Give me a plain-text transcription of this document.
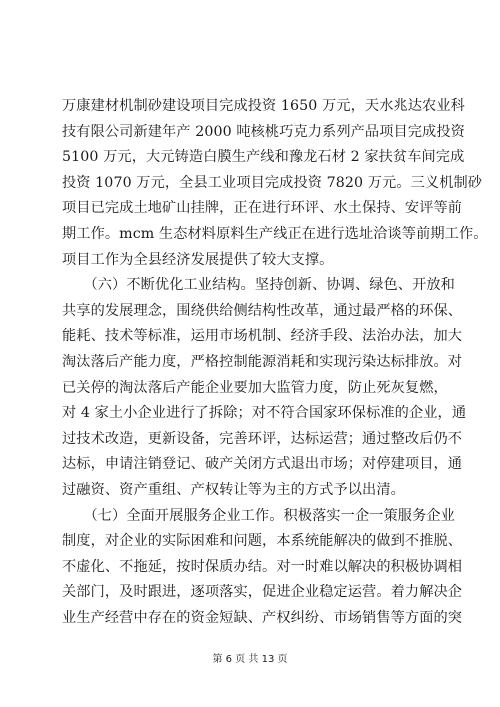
万康建材机制砂建设项目完成投资 1650 万元，天水兆达农业科
技有限公司新建年产 2000 吨核桃巧克力系列产品项目完成投资
5100 万元，大元铸造白膜生产线和豫龙石材 2 家扶贫车间完成
投资 1070 万元，全县工业项目完成投资 7820 万元。三义机制砂
项目已完成土地矿山挂牌，正在进行环评、水土保持、安评等前
期工作。mcm 生态材料原料生产线正在进行选址洽谈等前期工作。
项目工作为全县经济发展提供了较大支撑。
　　（六）不断优化工业结构。坚持创新、协调、绿色、开放和
共享的发展理念，围绕供给侧结构性改革，通过最严格的环保、
能耗、技术等标准，运用市场机制、经济手段、法治办法，加大
淘汰落后产能力度，严格控制能源消耗和实现污染达标排放。对
已关停的淘汰落后产能企业要加大监管力度，防止死灰复燃，
对 4 家土小企业进行了拆除；对不符合国家环保标准的企业，通
过技术改造，更新设备，完善环评，达标运营；通过整改后仍不
达标，申请注销登记、破产关闭方式退出市场；对停建项目，通
过融资、资产重组、产权转让等为主的方式予以出清。
　　（七）全面开展服务企业工作。积极落实一企一策服务企业
制度，对企业的实际困难和问题，本系统能解决的做到不推脱、
不虚化、不拖延，按时保质办结。对一时难以解决的积极协调相
关部门，及时跟进，逐项落实，促进企业稳定运营。着力解决企
业生产经营中存在的资金短缺、产权纠纷、市场销售等方面的突
第 6 页 共 13 页
